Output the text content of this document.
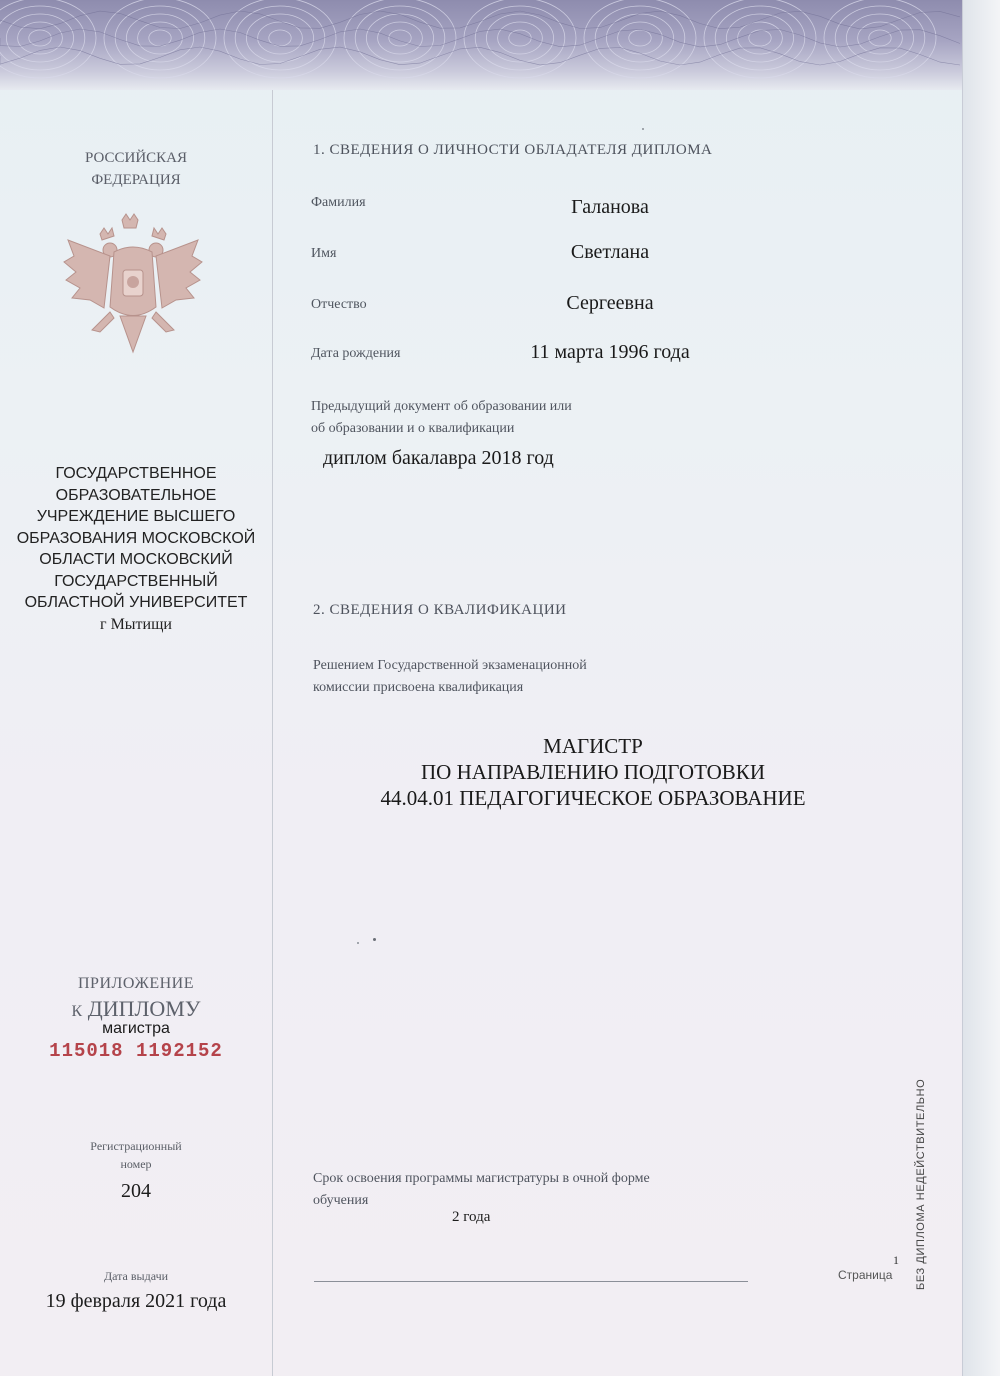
РОССИЙСКАЯ
ФЕДЕРАЦИЯ
ГОСУДАРСТВЕННОЕ
ОБРАЗОВАТЕЛЬНОЕ
УЧРЕЖДЕНИЕ ВЫСШЕГО
ОБРАЗОВАНИЯ МОСКОВСКОЙ
ОБЛАСТИ МОСКОВСКИЙ
ГОСУДАРСТВЕННЫЙ
ОБЛАСТНОЙ УНИВЕРСИТЕТ
г Мытищи
ПРИЛОЖЕНИЕ
К ДИПЛОМУ
магистра
115018 1192152
Регистрационный
номер
204
Дата выдачи
19 февраля 2021 года
1. СВЕДЕНИЯ О ЛИЧНОСТИ ОБЛАДАТЕЛЯ ДИПЛОМА
Фамилия	Галанова
Имя	Светлана
Отчество	Сергеевна
Дата рождения	11 марта 1996 года
Предыдущий документ об образовании или
об образовании и о квалификации
диплом бакалавра 2018 год
2. СВЕДЕНИЯ О КВАЛИФИКАЦИИ
Решением Государственной экзаменационной
комиссии присвоена квалификация
МАГИСТР
ПО НАПРАВЛЕНИЮ ПОДГОТОВКИ
44.04.01 ПЕДАГОГИЧЕСКОЕ ОБРАЗОВАНИЕ
Срок освоения программы магистратуры в очной форме
обучения
2 года
Страница
1 БЕЗ ДИПЛОМА НЕДЕЙСТВИТЕЛЬНО
